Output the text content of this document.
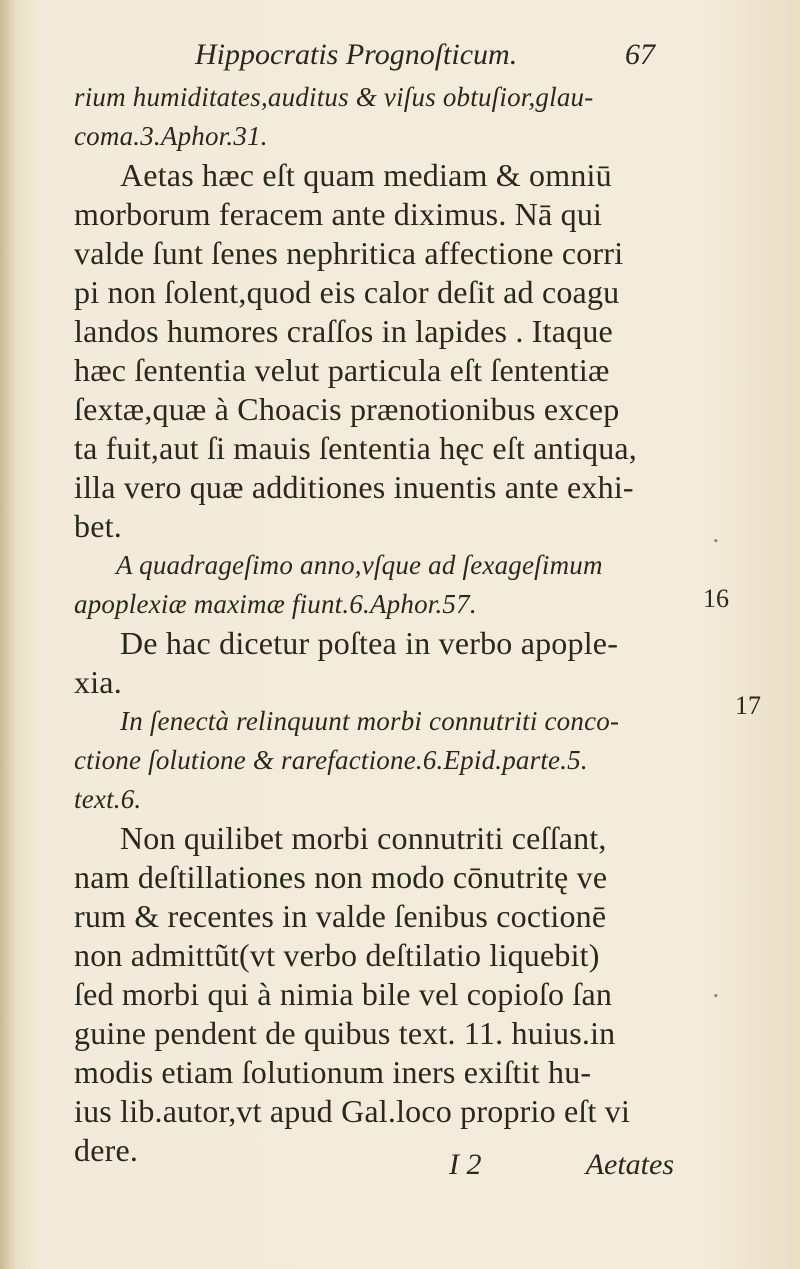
Hippocratis Prognoſticum.	67
rium humiditates,auditus & viſus obtuſior,glau-
coma.3.Aphor.31.
Aetas hæc eſt quam mediam & omniū
morborum feracem ante diximus. Nā qui
valde ſunt ſenes nephritica affectione corri
pi non ſolent,quod eis calor deſit ad coagu
landos humores craſſos in lapides . Itaque
hæc ſententia velut particula eſt ſententiæ
ſextæ,quæ à Choacis prænotionibus excep
ta fuit,aut ſi mauis ſententia hęc eſt antiqua,
illa vero quæ additiones inuentis ante exhi-
bet.
A quadrageſimo anno,vſque ad ſexageſimum
apoplexiæ maximæ fiunt.6.Aphor.57.
De hac dicetur poſtea in verbo apople-
xia.
In ſenectà relinquunt morbi connutriti conco-
ctione ſolutione & rarefactione.6.Epid.parte.5.
text.6.
Non quilibet morbi connutriti ceſſant,
nam deſtillationes non modo cōnutritę ve
rum & recentes in valde ſenibus coctionē
non admittũt(vt verbo deſtilatio liquebit)
ſed morbi qui à nimia bile vel copioſo ſan
guine pendent de quibus text. 11. huius.in
modis etiam ſolutionum iners exiſtit hu-
ius lib.autor,vt apud Gal.loco proprio eſt vi
dere.
16
17
.
.
I 2	Aetates
